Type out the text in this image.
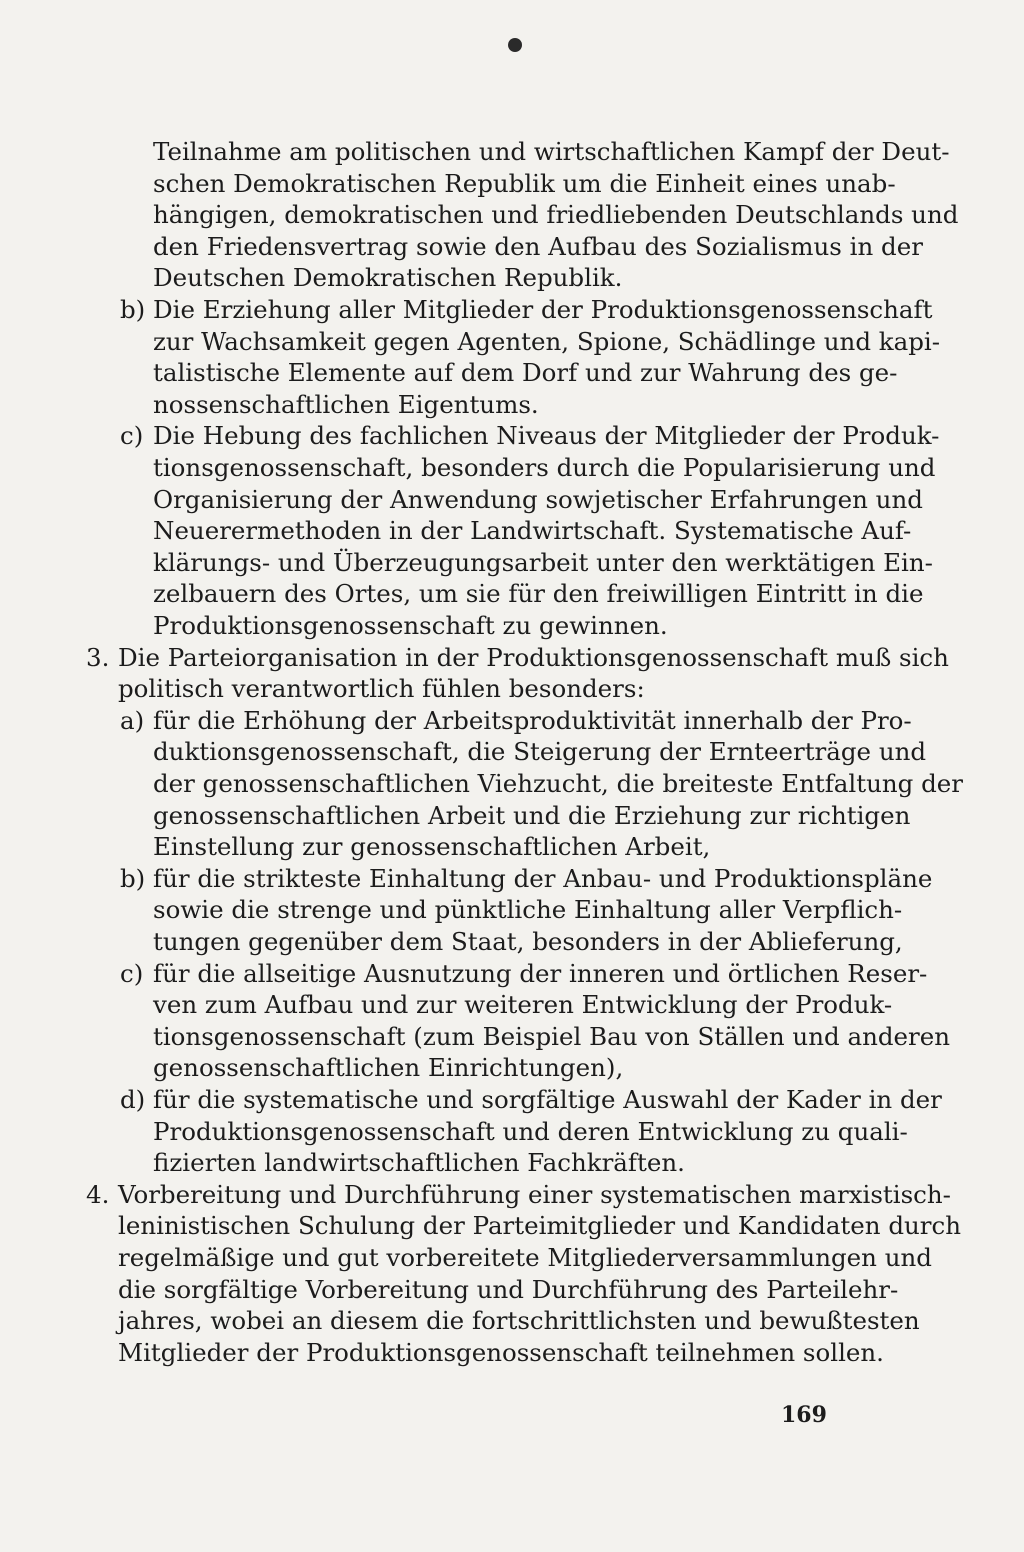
Teilnahme am politischen und wirtschaftlichen Kampf der Deut-
schen Demokratischen Republik um die Einheit eines unab-
hängigen, demokratischen und friedliebenden Deutschlands und
den Friedensvertrag sowie den Aufbau des Sozialismus in der
Deutschen Demokratischen Republik.
b) Die Erziehung aller Mitglieder der Produktionsgenossenschaft
zur Wachsamkeit gegen Agenten, Spione, Schädlinge und kapi-
talistische Elemente auf dem Dorf und zur Wahrung des ge-
nossenschaftlichen Eigentums.
c) Die Hebung des fachlichen Niveaus der Mitglieder der Produk-
tionsgenossenschaft, besonders durch die Popularisierung und
Organisierung der Anwendung sowjetischer Erfahrungen und
Neuerermethoden in der Landwirtschaft. Systematische Auf-
klärungs- und Überzeugungsarbeit unter den werktätigen Ein-
zelbauern des Ortes, um sie für den freiwilligen Eintritt in die
Produktionsgenossenschaft zu gewinnen.
3. Die Parteiorganisation in der Produktionsgenossenschaft muß sich
politisch verantwortlich fühlen besonders:
a) für die Erhöhung der Arbeitsproduktivität innerhalb der Pro-
duktionsgenossenschaft, die Steigerung der Ernteerträge und
der genossenschaftlichen Viehzucht, die breiteste Entfaltung der
genossenschaftlichen Arbeit und die Erziehung zur richtigen
Einstellung zur genossenschaftlichen Arbeit,
b) für die strikteste Einhaltung der Anbau- und Produktionspläne
sowie die strenge und pünktliche Einhaltung aller Verpflich-
tungen gegenüber dem Staat, besonders in der Ablieferung,
c) für die allseitige Ausnutzung der inneren und örtlichen Reser-
ven zum Aufbau und zur weiteren Entwicklung der Produk-
tionsgenossenschaft (zum Beispiel Bau von Ställen und anderen
genossenschaftlichen Einrichtungen),
d) für die systematische und sorgfältige Auswahl der Kader in der
Produktionsgenossenschaft und deren Entwicklung zu quali-
fizierten landwirtschaftlichen Fachkräften.
4. Vorbereitung und Durchführung einer systematischen marxistisch-
leninistischen Schulung der Parteimitglieder und Kandidaten durch
regelmäßige und gut vorbereitete Mitgliederversammlungen und
die sorgfältige Vorbereitung und Durchführung des Parteilehr-
jahres, wobei an diesem die fortschrittlichsten und bewußtesten
Mitglieder der Produktionsgenossenschaft teilnehmen sollen.
169
